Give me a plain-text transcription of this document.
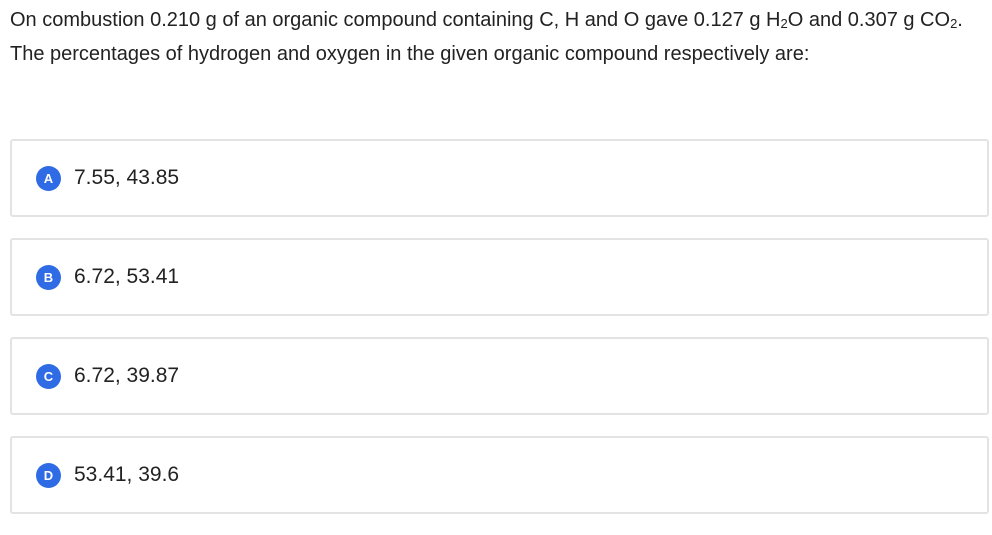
On combustion 0.210 g of an organic compound containing C, H and O gave 0.127 g $H_2O$ and 0.307 g $CO_2$. The percentages of hydrogen and oxygen in the given organic compound respectively are:
A 7.55, 43.85
B 6.72, 53.41
C 6.72, 39.87
D 53.41, 39.6
